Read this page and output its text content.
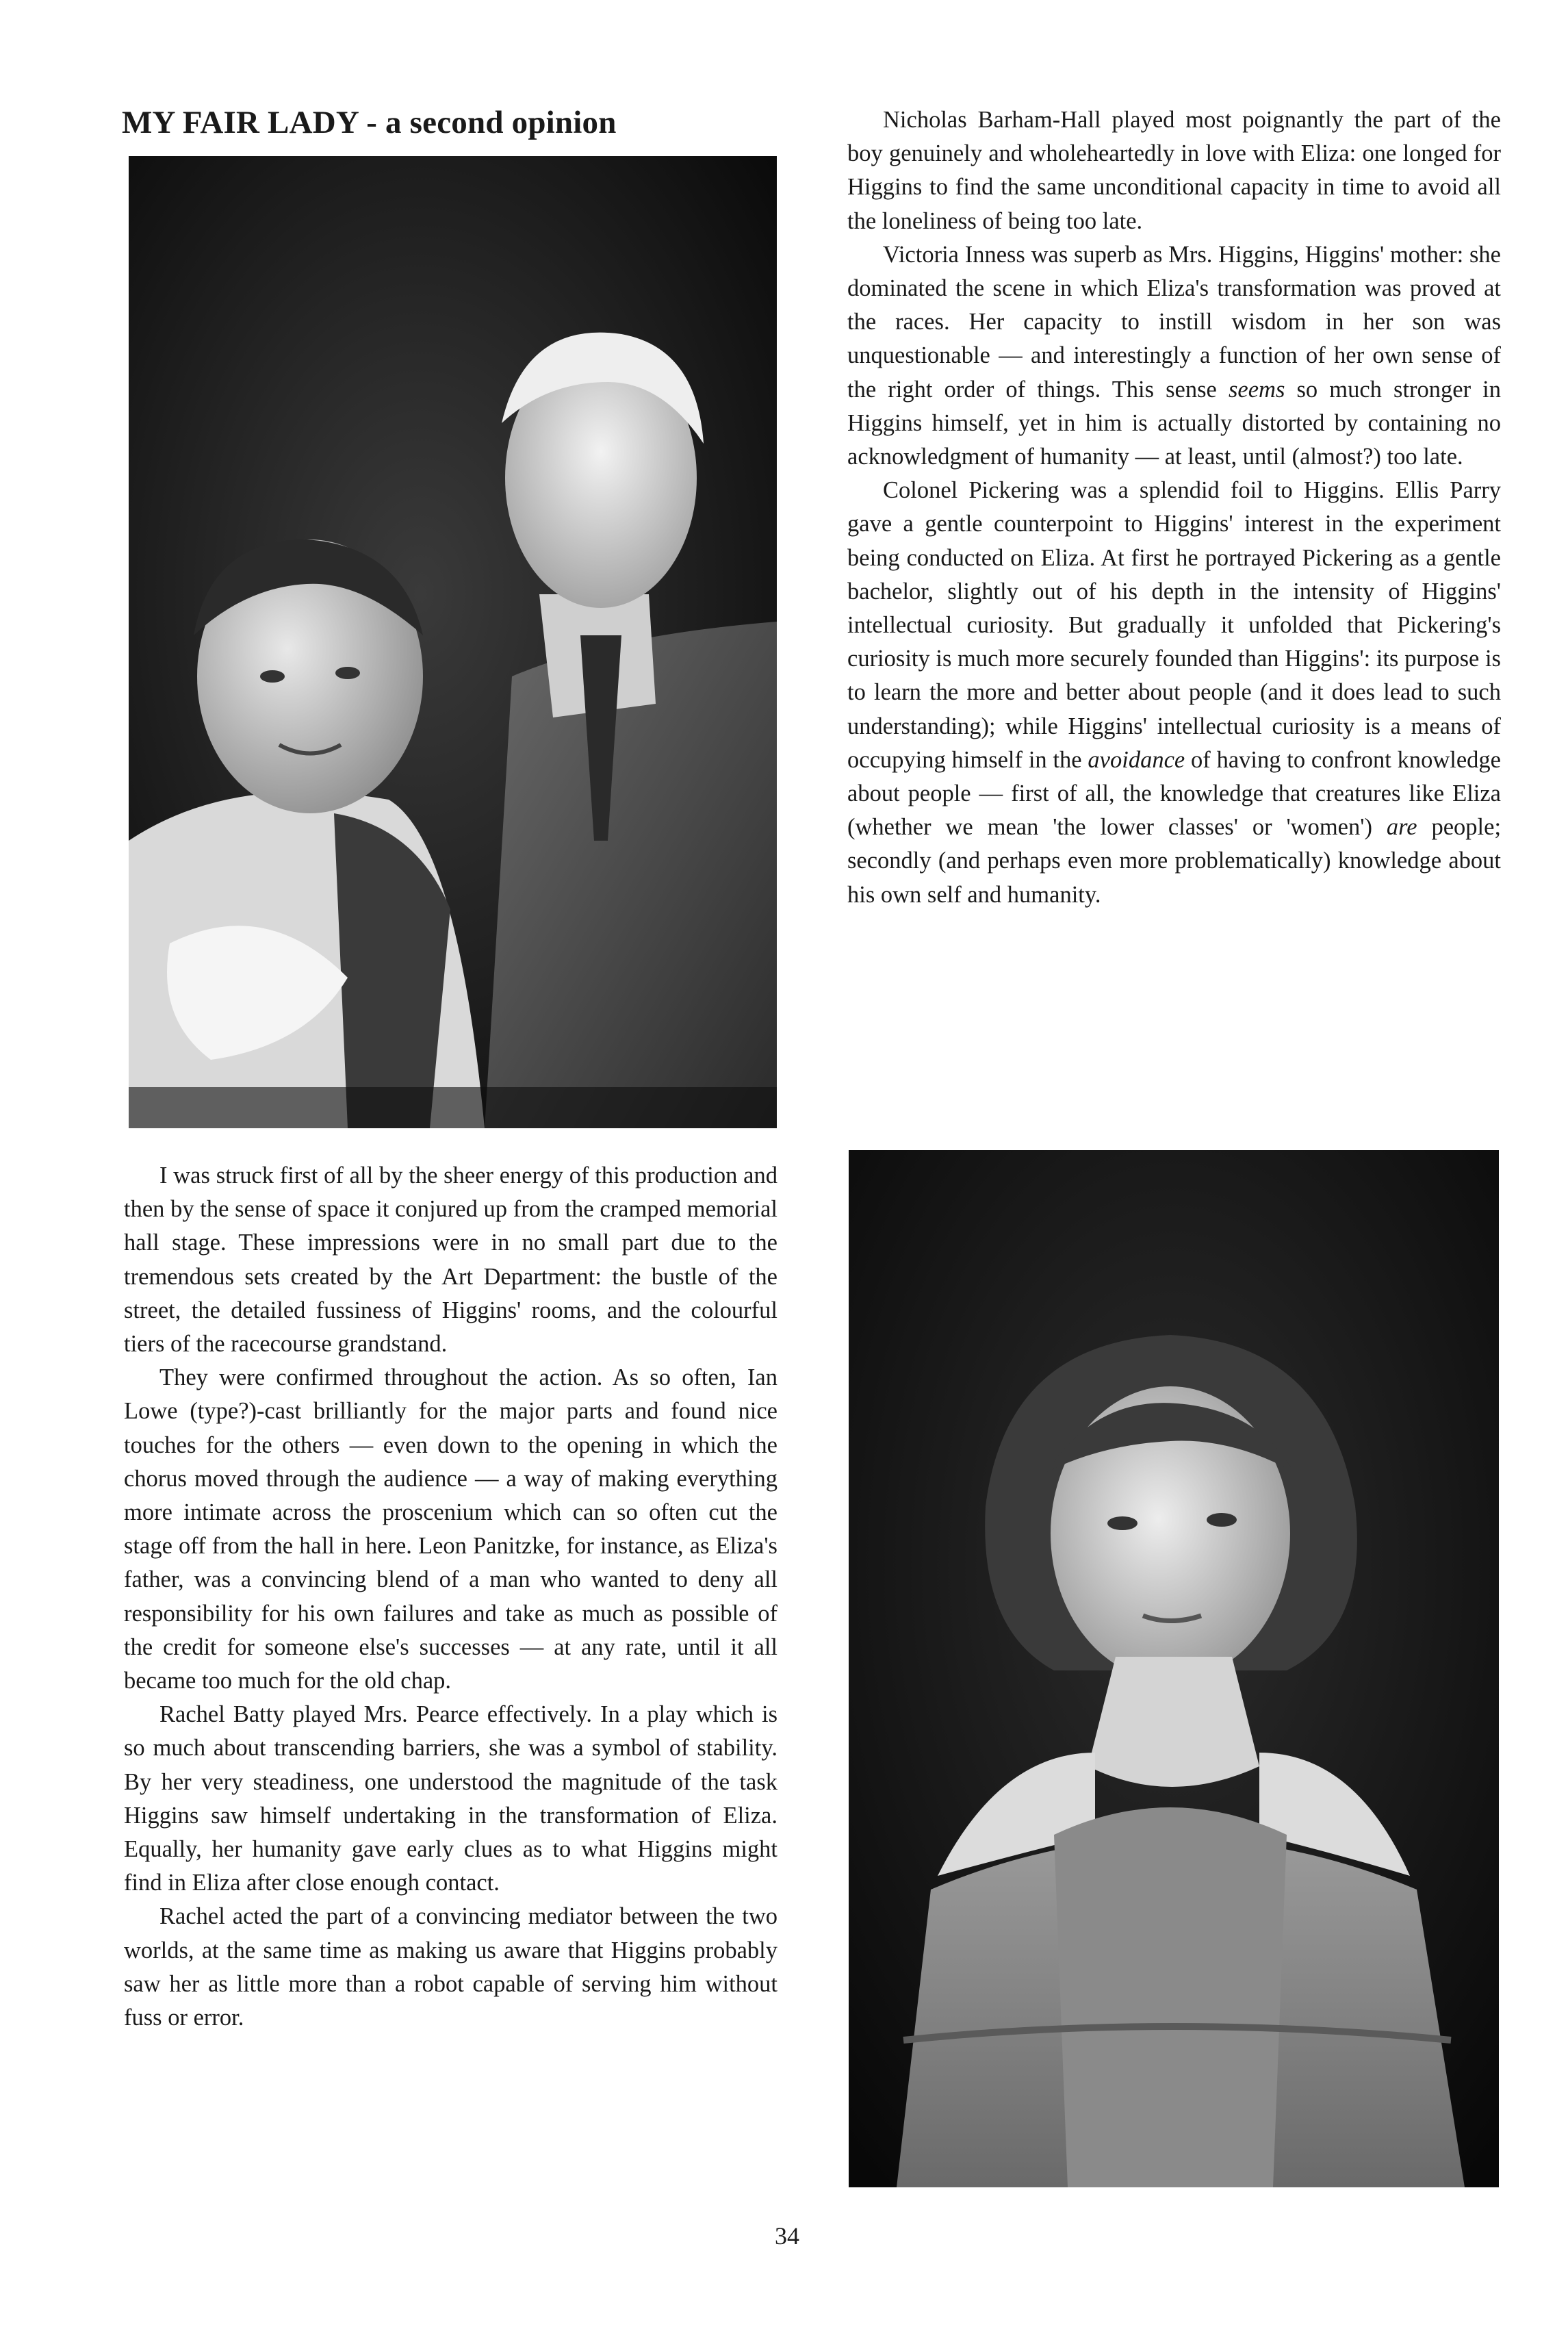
MY FAIR LADY - a second opinion	Nicholas Barham-Hall played most poignantly the part of the boy genuinely and wholeheartedly in love with Eliza: one longed for Higgins to find the same unconditional capacity in time to avoid all the loneliness of being too late.

Victoria Inness was superb as Mrs. Higgins, Higgins' mother: she dominated the scene in which Eliza's transformation was proved at the races. Her capacity to instill wisdom in her son was unquestionable — and interestingly a function of her own sense of the right order of things. This sense seems so much stronger in Higgins himself, yet in him is actually distorted by containing no acknowledgment of humanity — at least, until (almost?) too late.

Colonel Pickering was a splendid foil to Higgins. Ellis Parry gave a gentle counterpoint to Higgins' interest in the experiment being conducted on Eliza. At first he portrayed Pickering as a gentle bachelor, slightly out of his depth in the intensity of Higgins' intellectual curiosity. But gradually it unfolded that Pickering's curiosity is much more securely founded than Higgins': its purpose is to learn the more and better about people (and it does lead to such understanding); while Higgins' intellectual curiosity is a means of occupying himself in the avoidance of having to confront knowledge about people — first of all, the knowledge that creatures like Eliza (whether we mean 'the lower classes' or 'women') are people; secondly (and perhaps even more problematically) knowledge about his own self and humanity.

I was struck first of all by the sheer energy of this production and then by the sense of space it conjured up from the cramped memorial hall stage. These impressions were in no small part due to the tremendous sets created by the Art Department: the bustle of the street, the detailed fussiness of Higgins' rooms, and the colourful tiers of the racecourse grandstand.

They were confirmed throughout the action. As so often, Ian Lowe (type?)-cast brilliantly for the major parts and found nice touches for the others — even down to the opening in which the chorus moved through the audience — a way of making everything more intimate across the proscenium which can so often cut the stage off from the hall in here. Leon Panitzke, for instance, as Eliza's father, was a convincing blend of a man who wanted to deny all responsibility for his own failures and take as much as possible of the credit for someone else's successes — at any rate, until it all became too much for the old chap.

Rachel Batty played Mrs. Pearce effectively. In a play which is so much about transcending barriers, she was a symbol of stability. By her very steadiness, one understood the magnitude of the task Higgins saw himself undertaking in the transformation of Eliza. Equally, her humanity gave early clues as to what Higgins might find in Eliza after close enough contact.

Rachel acted the part of a convincing mediator between the two worlds, at the same time as making us aware that Higgins probably saw her as little more than a robot capable of serving him without fuss or error.

34
